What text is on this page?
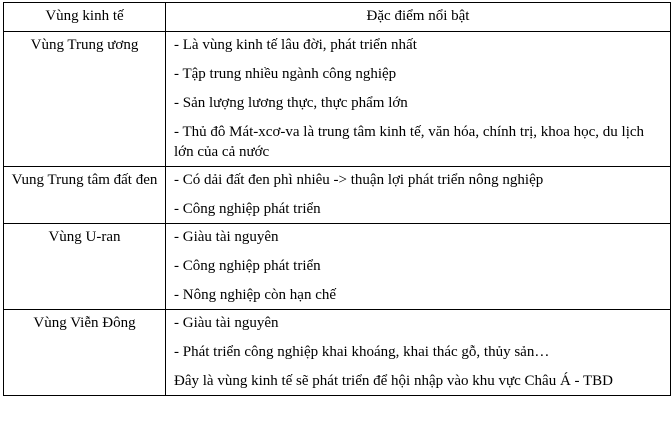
Vùng kinh tế	Đặc điểm nổi bật
Vùng Trung ương	- Là vùng kinh tế lâu đời, phát triển nhất
- Tập trung nhiều ngành công nghiệp
- Sản lượng lương thực, thực phẩm lớn
- Thủ đô Mát-xcơ-va là trung tâm kinh tế, văn hóa, chính trị, khoa học, du lịch lớn của cả nước

Vung Trung tâm đất đen	- Có dải đất đen phì nhiêu -> thuận lợi phát triển nông nghiệp
- Công nghiệp phát triển

Vùng U-ran	- Giàu tài nguyên
- Công nghiệp phát triển
- Nông nghiệp còn hạn chế

Vùng Viễn Đông	- Giàu tài nguyên
- Phát triển công nghiệp khai khoáng, khai thác gỗ, thủy sản…
Đây là vùng kinh tế sẽ phát triển để hội nhập vào khu vực Châu Á - TBD
